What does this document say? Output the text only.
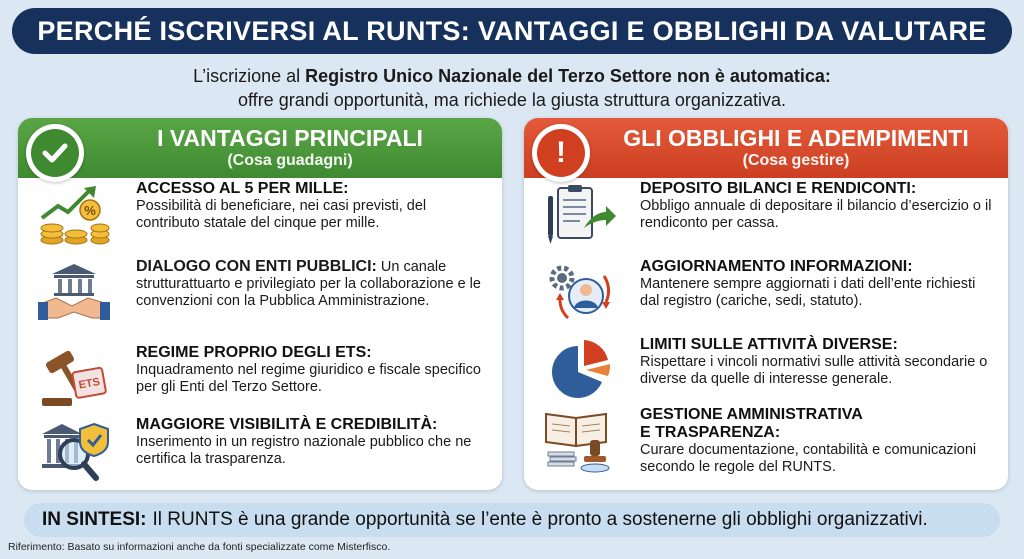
PERCHÉ ISCRIVERSI AL RUNTS: VANTAGGI E OBBLIGHI DA VALUTARE
L’iscrizione al Registro Unico Nazionale del Terzo Settore non è automatica:
offre grandi opportunità, ma richiede la giusta struttura organizzativa.
I VANTAGGI PRINCIPALI
(Cosa guadagni)
%
ACCESSO AL 5 PER MILLE:
Possibilità di beneficiare, nei casi previsti, del contributo statale del cinque per mille.
DIALOGO CON ENTI PUBBLICI: Un canale strutturattuarto e privilegiato per la collaborazione e le convenzioni con la Pubblica Amministrazione.
ETS
REGIME PROPRIO DEGLI ETS:
Inquadramento nel regime giuridico e fiscale specifico per gli Enti del Terzo Settore.
MAGGIORE VISIBILITÀ E CREDIBILITÀ:
Inserimento in un registro nazionale pubblico che ne certifica la trasparenza.
GLI OBBLIGHI E ADEMPIMENTI
(Cosa gestire)
!
DEPOSITO BILANCI E RENDICONTI:
Obbligo annuale di depositare il bilancio d’esercizio o il rendiconto per cassa.
AGGIORNAMENTO INFORMAZIONI:
Mantenere sempre aggiornati i dati dell’ente richiesti dal registro (cariche, sedi, statuto).
LIMITI SULLE ATTIVITÀ DIVERSE:
Rispettare i vincoli normativi sulle attività secondarie o diverse da quelle di interesse generale.
GESTIONE AMMINISTRATIVA
E TRASPARENZA:
Curare documentazione, contabilità e comunicazioni secondo le regole del RUNTS.
IN SINTESI: Il RUNTS è una grande opportunità se l’ente è pronto a sostenerne gli obblighi organizzativi.
Riferimento: Basato su informazioni anche da fonti specializzate come Misterfisco.
